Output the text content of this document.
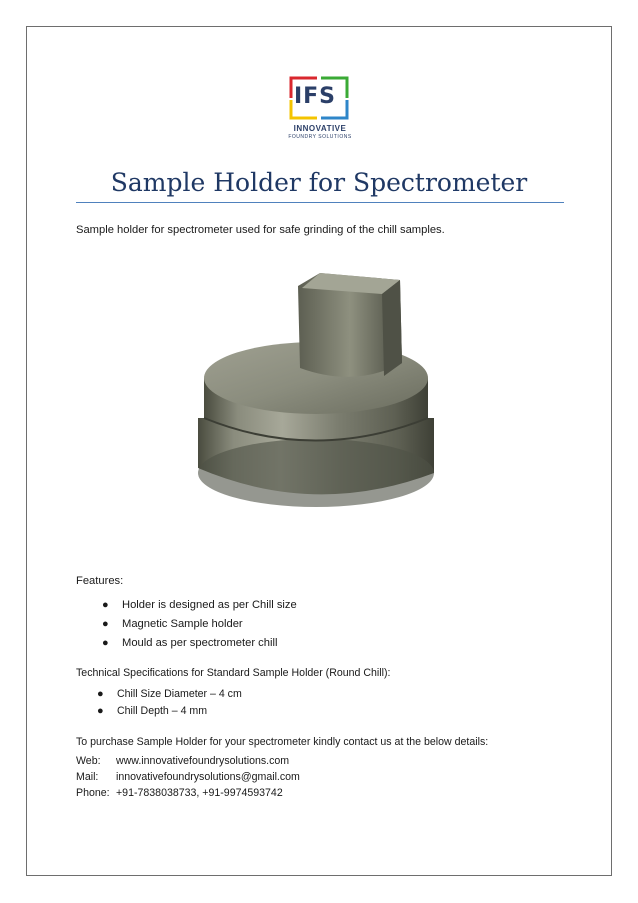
IFS
INNOVATIVE
FOUNDRY SOLUTIONS
Sample Holder for Spectrometer
Sample holder for spectrometer used for safe grinding of the chill samples.
Features:
● Holder is designed as per Chill size
● Magnetic Sample holder
● Mould as per spectrometer chill
Technical Specifications for Standard Sample Holder (Round Chill):
● Chill Size Diameter – 4 cm
● Chill Depth – 4 mm
To purchase Sample Holder for your spectrometer kindly contact us at the below details:
Web: www.innovativefoundrysolutions.com
Mail: innovativefoundrysolutions@gmail.com
Phone: +91-7838038733, +91-9974593742
